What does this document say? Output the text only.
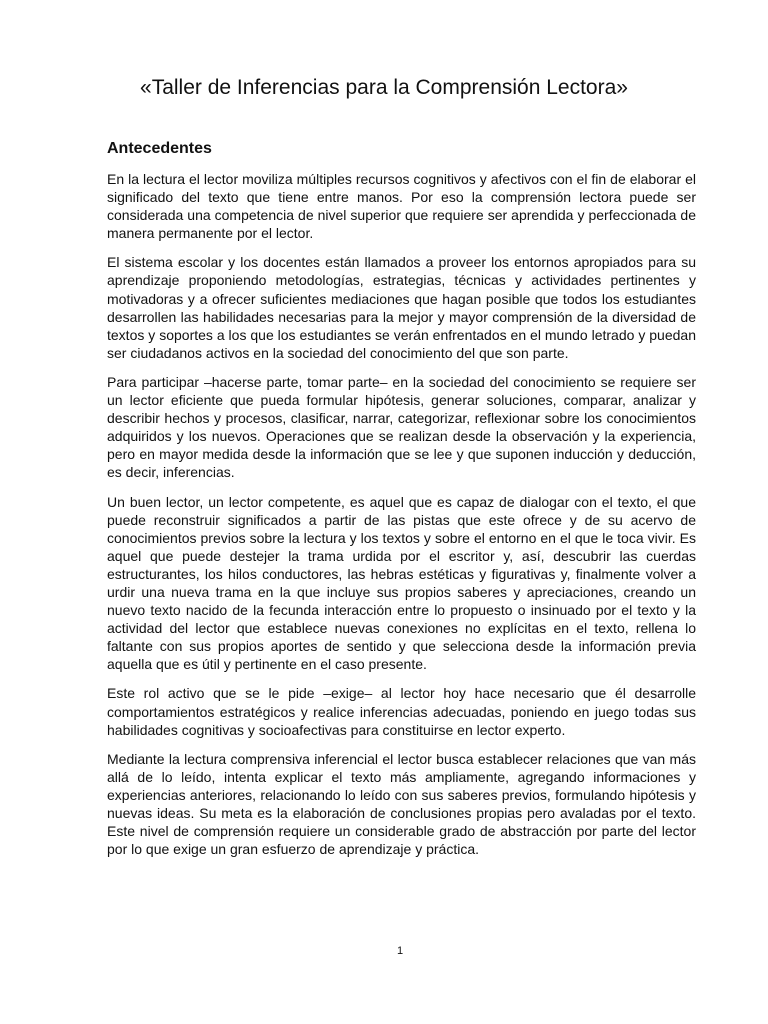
«Taller de Inferencias para la Comprensión Lectora»
Antecedentes

En la lectura el lector moviliza múltiples recursos cognitivos y afectivos con el fin de elaborar el significado del texto que tiene entre manos. Por eso la comprensión lectora puede ser considerada una competencia de nivel superior que requiere ser aprendida y perfeccionada de manera permanente por el lector.

El sistema escolar y los docentes están llamados a proveer los entornos apropiados para su aprendizaje proponiendo metodologías, estrategias, técnicas y actividades pertinentes y motivadoras y a ofrecer suficientes mediaciones que hagan posible que todos los estudiantes desarrollen las habilidades necesarias para la mejor y mayor comprensión de la diversidad de textos y soportes a los que los estudiantes se verán enfrentados en el mundo letrado y puedan ser ciudadanos activos en la sociedad del conocimiento del que son parte.

Para participar –hacerse parte, tomar parte– en la sociedad del conocimiento se requiere ser un lector eficiente que pueda formular hipótesis, generar soluciones, comparar, analizar y describir hechos y procesos, clasificar, narrar, categorizar, reflexionar sobre los conocimientos adquiridos y los nuevos. Operaciones que se realizan desde la observación y la experiencia, pero en mayor medida desde la información que se lee y que suponen inducción y deducción, es decir, inferencias.

Un buen lector, un lector competente, es aquel que es capaz de dialogar con el texto, el que puede reconstruir significados a partir de las pistas que este ofrece y de su acervo de conocimientos previos sobre la lectura y los textos y sobre el entorno en el que le toca vivir. Es aquel que puede destejer la trama urdida por el escritor y, así, descubrir las cuerdas estructurantes, los hilos conductores, las hebras estéticas y figurativas y, finalmente volver a urdir una nueva trama en la que incluye sus propios saberes y apreciaciones, creando un nuevo texto nacido de la fecunda interacción entre lo propuesto o insinuado por el texto y la actividad del lector que establece nuevas conexiones no explícitas en el texto, rellena lo faltante con sus propios aportes de sentido y que selecciona desde la información previa aquella que es útil y pertinente en el caso presente.

Este rol activo que se le pide –exige– al lector hoy hace necesario que él desarrolle comportamientos estratégicos y realice inferencias adecuadas, poniendo en juego todas sus habilidades cognitivas y socioafectivas para constituirse en lector experto.

Mediante la lectura comprensiva inferencial el lector busca establecer relaciones que van más allá de lo leído, intenta explicar el texto más ampliamente, agregando informaciones y experiencias anteriores, relacionando lo leído con sus saberes previos, formulando hipótesis y nuevas ideas. Su meta es la elaboración de conclusiones propias pero avaladas por el texto. Este nivel de comprensión requiere un considerable grado de abstracción por parte del lector por lo que exige un gran esfuerzo de aprendizaje y práctica.

1
